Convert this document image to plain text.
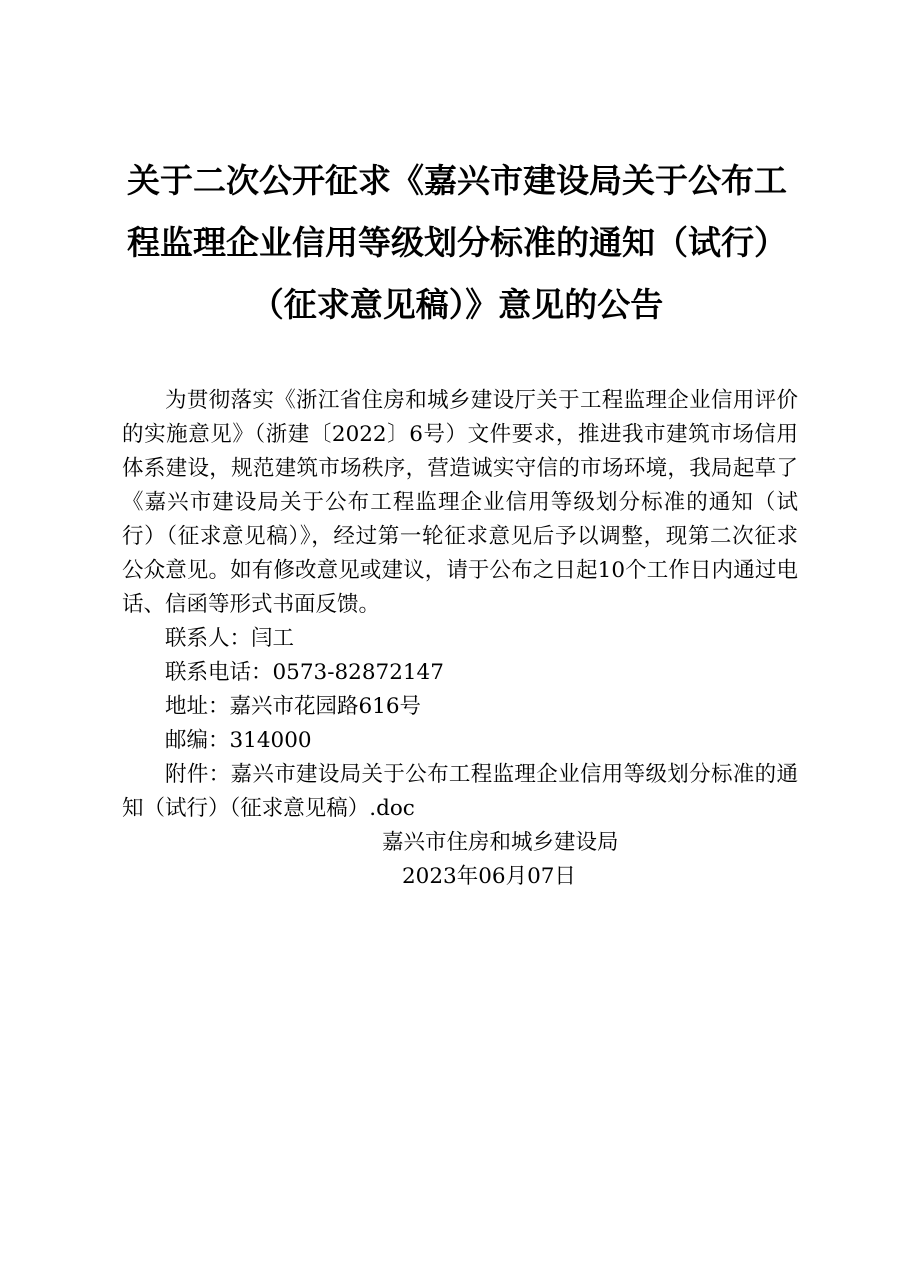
关于二次公开征求《嘉兴市建设局关于公布工
程监理企业信用等级划分标准的通知（试行）
（征求意见稿）》意见的公告

为贯彻落实《浙江省住房和城乡建设厅关于工程监理企业信用评价的实施意见》（浙建〔2022〕6号）文件要求，推进我市建筑市场信用体系建设，规范建筑市场秩序，营造诚实守信的市场环境，我局起草了《嘉兴市建设局关于公布工程监理企业信用等级划分标准的通知（试行）（征求意见稿）》，经过第一轮征求意见后予以调整，现第二次征求公众意见。如有修改意见或建议，请于公布之日起10个工作日内通过电话、信函等形式书面反馈。

联系人：闫工

联系电话：0573-82872147

地址：嘉兴市花园路616号

邮编：314000

附件：嘉兴市建设局关于公布工程监理企业信用等级划分标准的通知（试行）（征求意见稿）.doc

嘉兴市住房和城乡建设局

2023年06月07日
